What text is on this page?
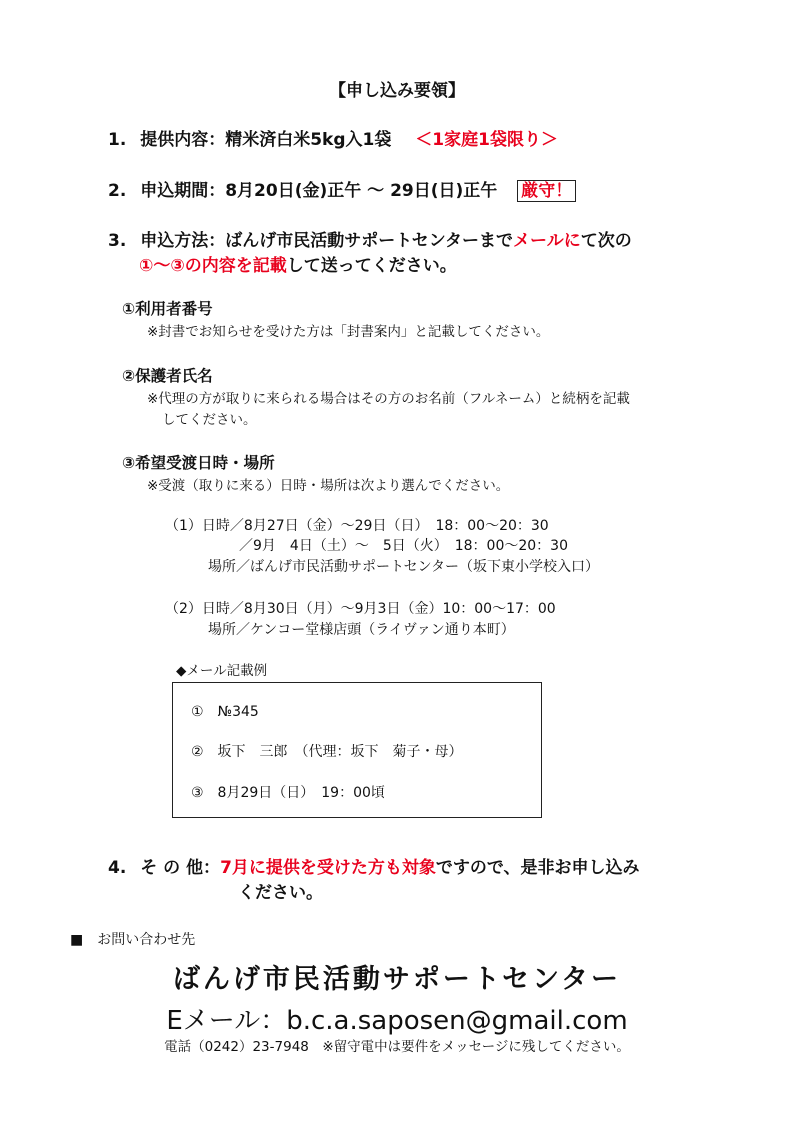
【申し込み要領】
1. 提供内容：精米済白米5kg入1袋 ＜1家庭1袋限り＞
2. 申込期間：8月20日(金)正午 ～ 29日(日)正午 厳守！
3. 申込方法：ばんげ市民活動サポートセンターまでメールにて次の
①～③の内容を記載して送ってください。
①利用者番号
※封書でお知らせを受けた方は「封書案内」と記載してください。
②保護者氏名
※代理の方が取りに来られる場合はその方のお名前（フルネーム）と続柄を記載
してください。
③希望受渡日時・場所
※受渡（取りに来る）日時・場所は次より選んでください。
（1）日時／8月27日（金）～29日（日）　18：00～20：30
／9月　4日（土）～　5日（火）　18：00～20：30
場所／ばんげ市民活動サポートセンター（坂下東小学校入口）
（2）日時／8月30日（月）～9月3日（金）10：00～17：00
場所／ケンコー堂様店頭（ライヴァン通り本町）
◆メール記載例
①　№345
②　坂下　三郎　（代理：坂下　菊子・母）
③　8月29日（日）　19：00頃
4. そ の 他：7月に提供を受けた方も対象ですので、是非お申し込み
ください。
■　お問い合わせ先
ばんげ市民活動サポートセンター
Eメール：b.c.a.saposen@gmail.com
電話（0242）23-7948　※留守電中は要件をメッセージに残してください。
